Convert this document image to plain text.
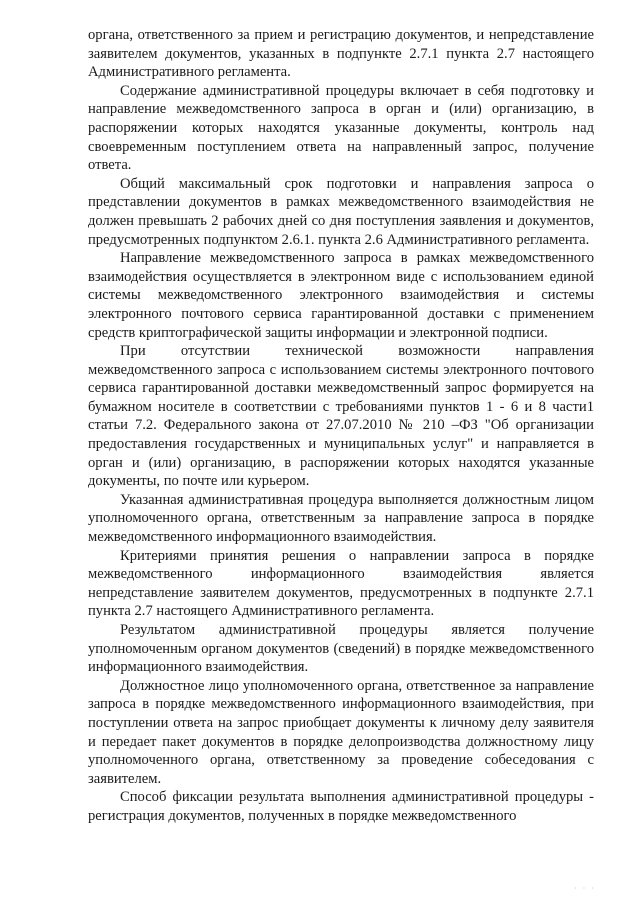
органа, ответственного за прием и регистрацию документов, и непредставление заявителем документов, указанных в подпункте 2.7.1 пункта 2.7 настоящего Административного регламента.

Содержание административной процедуры включает в себя подготовку и направление межведомственного запроса в орган и (или) организацию, в распоряжении которых находятся указанные документы, контроль над своевременным поступлением ответа на направленный запрос, получение ответа.

Общий максимальный срок подготовки и направления запроса о представлении документов в рамках межведомственного взаимодействия не должен превышать 2 рабочих дней со дня поступления заявления и документов, предусмотренных подпунктом 2.6.1. пункта 2.6 Административного регламента.

Направление межведомственного запроса в рамках межведомственного взаимодействия осуществляется в электронном виде с использованием единой системы межведомственного электронного взаимодействия и системы электронного почтового сервиса гарантированной доставки с применением средств криптографической защиты информации и электронной подписи.

При отсутствии технической возможности направления межведомственного запроса с использованием системы электронного почтового сервиса гарантированной доставки межведомственный запрос формируется на бумажном носителе в соответствии с требованиями пунктов 1 - 6 и 8 части1 статьи 7.2. Федерального закона от 27.07.2010 № 210 –ФЗ "Об организации предоставления государственных и муниципальных услуг" и направляется в орган и (или) организацию, в распоряжении которых находятся указанные документы, по почте или курьером.

Указанная административная процедура выполняется должностным лицом уполномоченного органа, ответственным за направление запроса в порядке межведомственного информационного взаимодействия.

Критериями принятия решения о направлении запроса в порядке межведомственного информационного взаимодействия является непредставление заявителем документов, предусмотренных в подпункте 2.7.1 пункта 2.7 настоящего Административного регламента.

Результатом административной процедуры является получение уполномоченным органом документов (сведений) в порядке межведомственного информационного взаимодействия.

Должностное лицо уполномоченного органа, ответственное за направление запроса в порядке межведомственного информационного взаимодействия, при поступлении ответа на запрос приобщает документы к личному делу заявителя и передает пакет документов в порядке делопроизводства должностному лицу уполномоченного органа, ответственному за проведение собеседования с заявителем.

Способ фиксации результата выполнения административной процедуры - регистрация документов, полученных в порядке межведомственного

· · ·
